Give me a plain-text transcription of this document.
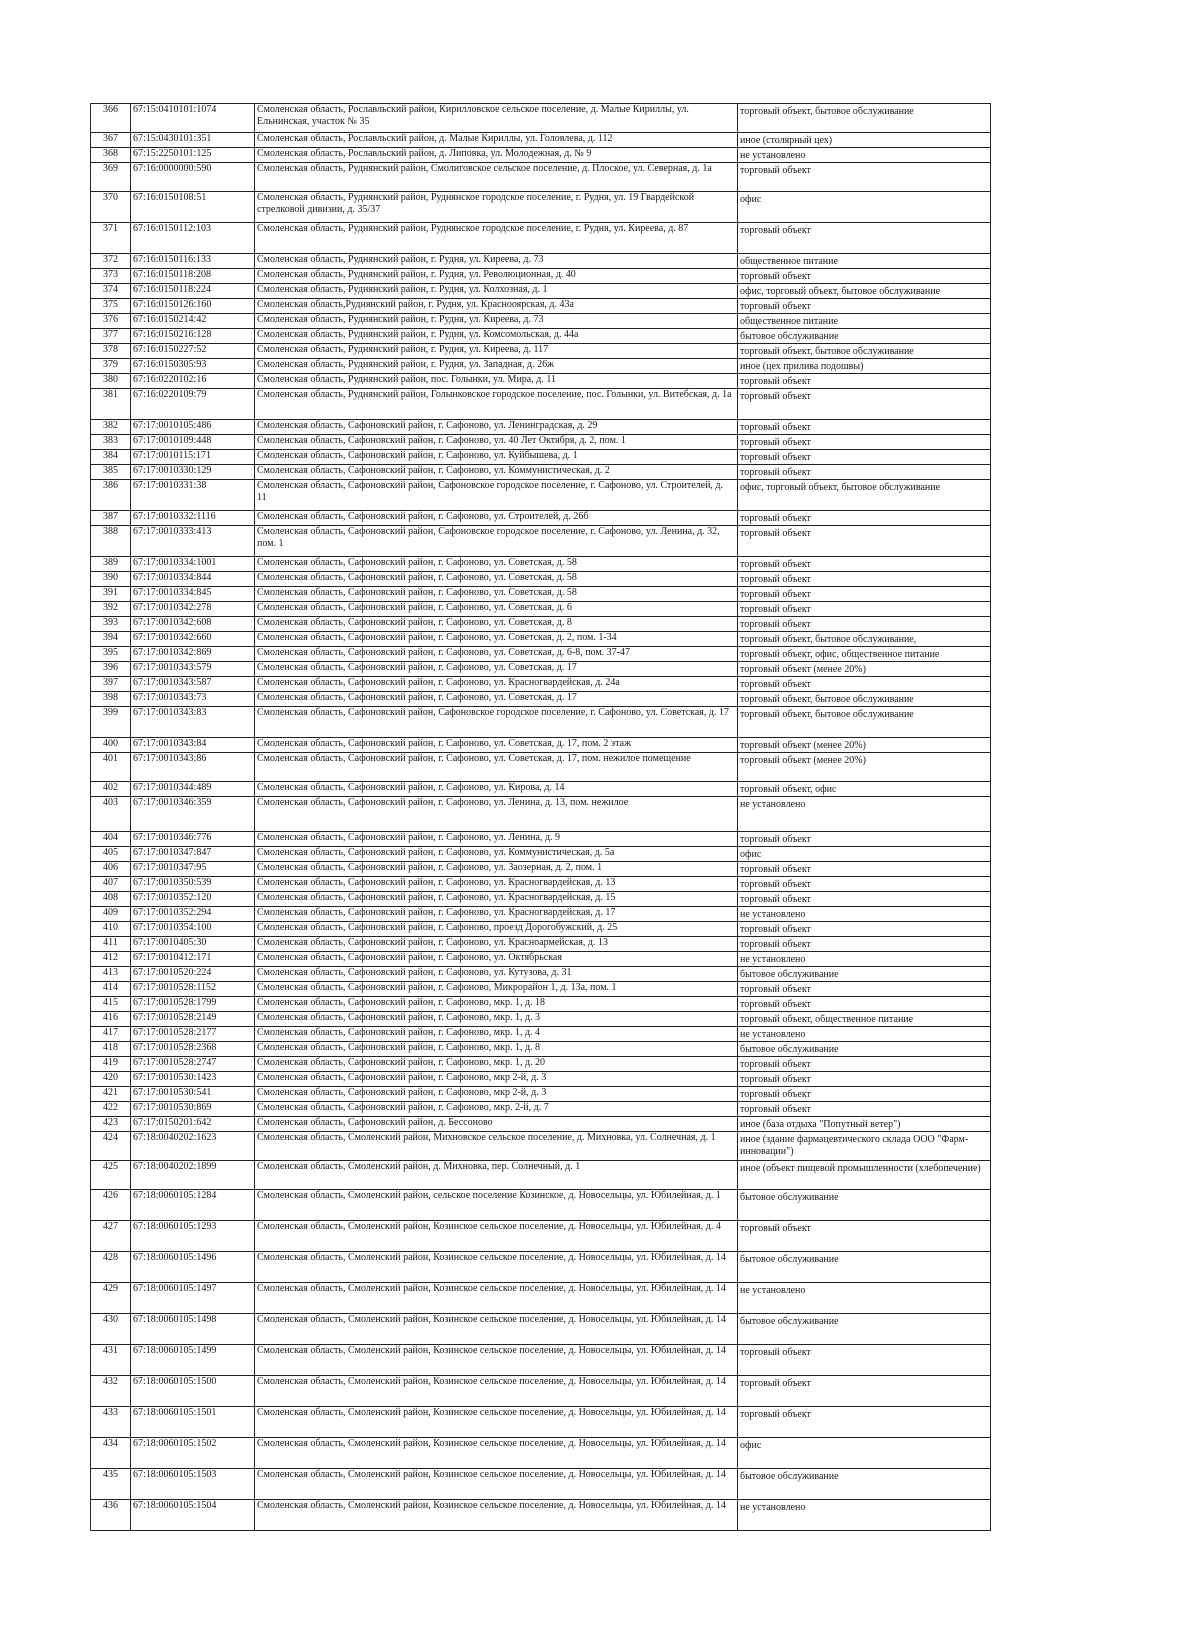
366	67:15:0410101:1074	Смоленская область, Рославльский район, Кирилловское сельское поселение, д. Малые Кириллы, ул. Ельнинская, участок № 35	торговый объект, бытовое обслуживание
367	67:15:0430101:351	Смоленская область, Рославльский район, д. Малые Кириллы, ул. Головлева, д. 112	иное (столярный цех)
368	67:15:2250101:125	Смоленская область, Рославльский район, д. Липовка, ул. Молодежная, д. № 9	не установлено
369	67:16:0000000:590	Смоленская область, Руднянский район, Смолиговское сельское поселение, д. Плоское, ул. Северная, д. 1а	торговый объект
370	67:16:0150108:51	Смоленская область, Руднянский район, Руднянское городское поселение, г. Рудня, ул. 19 Гвардейской стрелковой дивизии, д. 35/37	офис
371	67:16:0150112:103	Смоленская область, Руднянский район, Руднянское городское поселение, г. Рудня, ул. Киреева, д. 87	торговый объект
372	67:16:0150116:133	Смоленская область, Руднянский район, г. Рудня, ул. Киреева, д. 73	общественное питание
373	67:16:0150118:208	Смоленская область, Руднянский район, г. Рудня, ул. Революционная, д. 40	торговый объект
374	67:16:0150118:224	Смоленская область, Руднянский район, г. Рудня, ул. Колхозная, д. 1	офис, торговый объект, бытовое обслуживание
375	67:16:0150126:160	Смоленская область,Руднянский район, г. Рудня, ул. Краснооярская, д. 43а	торговый объект
376	67:16:0150214:42	Смоленская область, Руднянский район, г. Рудня, ул. Киреева, д. 73	общественное питание
377	67:16:0150216:128	Смоленская область, Руднянский район, г. Рудня, ул. Комсомольская, д. 44а	бытовое обслуживание
378	67:16:0150227:52	Смоленская область, Руднянский район, г. Рудня, ул. Киреева, д. 117	торговый объект, бытовое обслуживание
379	67:16:0150305:93	Смоленская область, Руднянский район, г. Рудня, ул. Западная, д. 26ж	иное (цех прилива подошвы)
380	67:16:0220102:16	Смоленская область, Руднянский район, пос. Голынки, ул. Мира, д. 11	торговый объект
381	67:16:0220109:79	Смоленская область, Руднянский район, Голынковское городское поселение, пос. Голынки, ул. Витебская, д. 1а	торговый объект
382	67:17:0010105:486	Смоленская область, Сафоновский район, г. Сафоново, ул. Ленинградская, д. 29	торговый объект
383	67:17:0010109:448	Смоленская область, Сафоновский район, г. Сафоново, ул. 40 Лет Октября, д. 2, пом. 1	торговый объект
384	67:17:0010115:171	Смоленская область, Сафоновский район, г. Сафоново, ул. Куйбышева, д. 1	торговый объект
385	67:17:0010330:129	Смоленская область, Сафоновский район, г. Сафоново, ул. Коммунистическая, д. 2	торговый объект
386	67:17:0010331:38	Смоленская область, Сафоновский район, Сафоновское городское поселение, г. Сафоново, ул. Строителей, д. 11	офис, торговый объект, бытовое обслуживание
387	67:17:0010332:1116	Смоленская область, Сафоновский район, г. Сафоново, ул. Строителей, д. 26б	торговый объект
388	67:17:0010333:413	Смоленская область, Сафоновский район, Сафоновское городское поселение, г. Сафоново, ул. Ленина, д. 32, пом. 1	торговый объект
389	67:17:0010334:1001	Смоленская область, Сафоновский район, г. Сафоново, ул. Советская, д. 58	торговый объект
390	67:17:0010334:844	Смоленская область, Сафоновский район, г. Сафоново, ул. Советская, д. 58	торговый объект
391	67:17:0010334:845	Смоленская область, Сафоновский район, г. Сафоново, ул. Советская, д. 58	торговый объект
392	67:17:0010342:278	Смоленская область, Сафоновский район, г. Сафоново, ул. Советская, д. 6	торговый объект
393	67:17:0010342:608	Смоленская область, Сафоновский район, г. Сафоново, ул. Советская, д. 8	торговый объект
394	67:17:0010342:660	Смоленская область, Сафоновский район, г. Сафоново, ул. Советская, д. 2, пом. 1-34	торговый объект, бытовое обслуживание,
395	67:17:0010342:869	Смоленская область, Сафоновский район, г. Сафоново, ул. Советская, д. 6-8, пом. 37-47	торговый объект, офис, общественное питание
396	67:17:0010343:579	Смоленская область, Сафоновский район, г. Сафоново, ул. Советская, д. 17	торговый объект (менее 20%)
397	67:17:0010343:587	Смоленская область, Сафоновский район, г. Сафоново, ул. Красногвардейская, д. 24а	торговый объект
398	67:17:0010343:73	Смоленская область, Сафоновский район, г. Сафоново, ул. Советская, д. 17	торговый объект, бытовое обслуживание
399	67:17:0010343:83	Смоленская область, Сафоновский район, Сафоновское городское поселение, г. Сафоново, ул. Советская, д. 17	торговый объект, бытовое обслуживание
400	67:17:0010343:84	Смоленская область, Сафоновский район, г. Сафоново, ул. Советская, д. 17, пом. 2 этаж	торговый объект (менее 20%)
401	67:17:0010343:86	Смоленская область, Сафоновский район, г. Сафоново, ул. Советская, д. 17, пом. нежилое помещение	торговый объект (менее 20%)
402	67:17:0010344:489	Смоленская область, Сафоновский район, г. Сафоново, ул. Кирова, д. 14	торговый объект, офис
403	67:17:0010346:359	Смоленская область, Сафоновский район, г. Сафоново, ул. Ленина, д. 13, пом. нежилое	не установлено
404	67:17:0010346:776	Смоленская область, Сафоновский район, г. Сафоново, ул. Ленина, д. 9	торговый объект
405	67:17:0010347:847	Смоленская область, Сафоновский район, г. Сафоново, ул. Коммунистическая, д. 5а	офис
406	67:17:0010347:95	Смоленская область, Сафоновский район, г. Сафоново, ул. Заозерная, д. 2, пом. 1	торговый объект
407	67:17:0010350:539	Смоленская область, Сафоновский район, г. Сафоново, ул. Красногвардейская, д. 13	торговый объект
408	67:17:0010352:120	Смоленская область, Сафоновский район, г. Сафоново, ул. Красногвардейская, д. 15	торговый объект
409	67:17:0010352:294	Смоленская область, Сафоновский район, г. Сафоново, ул. Красногвардейская, д. 17	не установлено
410	67:17:0010354:100	Смоленская область, Сафоновский район, г. Сафоново, проезд Дорогобужский, д. 25	торговый объект
411	67:17:0010405:30	Смоленская область, Сафоновский район, г. Сафоново, ул. Красноармейская, д. 13	торговый объект
412	67:17:0010412:171	Смоленская область, Сафоновский район, г. Сафоново, ул. Октябрьская	не установлено
413	67:17:0010520:224	Смоленская область, Сафоновский район, г. Сафоново, ул. Кутузова, д. 31	бытовое обслуживание
414	67:17:0010528:1152	Смоленская область, Сафоновский район, г. Сафоново, Микрорайон 1, д. 13а, пом. 1	торговый объект
415	67:17:0010528:1799	Смоленская область, Сафоновский район, г. Сафоново, мкр. 1, д. 18	торговый объект
416	67:17:0010528:2149	Смоленская область, Сафоновский район, г. Сафоново, мкр. 1, д. 3	торговый объект, общественное питание
417	67:17:0010528:2177	Смоленская область, Сафоновский район, г. Сафоново, мкр. 1, д. 4	не установлено
418	67:17:0010528:2368	Смоленская область, Сафоновский район, г. Сафоново, мкр. 1, д. 8	бытовое обслуживание
419	67:17:0010528:2747	Смоленская область, Сафоновский район, г. Сафоново, мкр. 1, д. 20	торговый объект
420	67:17:0010530:1423	Смоленская область, Сафоновский район, г. Сафоново, мкр 2-й, д. 3	торговый объект
421	67:17:0010530:541	Смоленская область, Сафоновский район, г. Сафоново, мкр 2-й, д. 3	торговый объект
422	67:17:0010530:869	Смоленская область, Сафоновский район, г. Сафоново, мкр. 2-й, д. 7	торговый объект
423	67:17:0150201:642	Смоленская область, Сафоновский район, д. Бессоново	иное (база отдыха "Попутный ветер")
424	67:18:0040202:1623	Смоленская область, Смоленский район, Михновское сельское поселение, д. Михновка, ул. Солнечная, д. 1	иное (здание фармацевтического склада ООО "Фарм-инновации")
425	67:18:0040202:1899	Смоленская область, Смоленский район, д. Михновка, пер. Солнечный, д. 1	иное (объект пищевой промышленности (хлебопечение)
426	67:18:0060105:1284	Смоленская область, Смоленский район, сельское поселение Козинское, д. Новосельцы, ул. Юбилейная, д. 1	бытовое обслуживание
427	67:18:0060105:1293	Смоленская область, Смоленский район, Козинское сельское поселение, д. Новосельцы, ул. Юбилейная, д. 4	торговый объект
428	67:18:0060105:1496	Смоленская область, Смоленский район, Козинское сельское поселение, д. Новосельцы, ул. Юбилейная, д. 14	бытовое обслуживание
429	67:18:0060105:1497	Смоленская область, Смоленский район, Козинское сельское поселение, д. Новосельцы, ул. Юбилейная, д. 14	не установлено
430	67:18:0060105:1498	Смоленская область, Смоленский район, Козинское сельское поселение, д. Новосельцы, ул. Юбилейная, д. 14	бытовое обслуживание
431	67:18:0060105:1499	Смоленская область, Смоленский район, Козинское сельское поселение, д. Новосельцы, ул. Юбилейная, д. 14	торговый объект
432	67:18:0060105:1500	Смоленская область, Смоленский район, Козинское сельское поселение, д. Новосельцы, ул. Юбилейная, д. 14	торговый объект
433	67:18:0060105:1501	Смоленская область, Смоленский район, Козинское сельское поселение, д. Новосельцы, ул. Юбилейная, д. 14	торговый объект
434	67:18:0060105:1502	Смоленская область, Смоленский район, Козинское сельское поселение, д. Новосельцы, ул. Юбилейная, д. 14	офис
435	67:18:0060105:1503	Смоленская область, Смоленский район, Козинское сельское поселение, д. Новосельцы, ул. Юбилейная, д. 14	бытовое обслуживание
436	67:18:0060105:1504	Смоленская область, Смоленский район, Козинское сельское поселение, д. Новосельцы, ул. Юбилейная, д. 14	не установлено
